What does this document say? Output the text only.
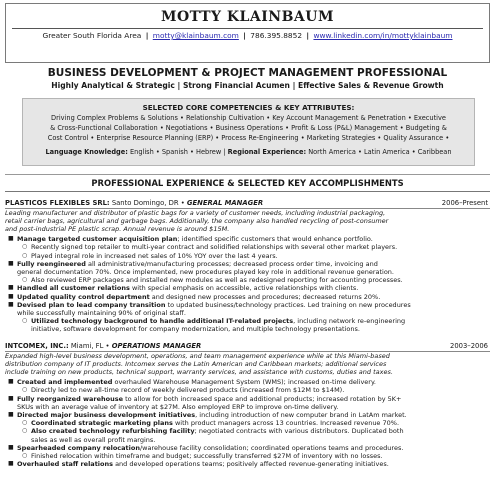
MOTTY KLAINBAUM
Greater South Florida Area | motty@klainbaum.com | 786.395.8852 | www.linkedin.com/in/mottyklainbaum
BUSINESS DEVELOPMENT & PROJECT MANAGEMENT PROFESSIONAL
Highly Analytical & Strategic | Strong Financial Acumen | Effective Sales & Revenue Growth
SELECTED CORE COMPETENCIES & KEY ATTRIBUTES:
Driving Complex Problems & Solutions • Relationship Cultivation • Key Account Management & Penetration • Executive
& Cross-Functional Collaboration • Negotiations • Business Operations • Profit & Loss (P&L) Management • Budgeting &
Cost Control • Enterprise Resource Planning (ERP) • Process Re-Engineering • Marketing Strategies • Quality Assurance •
Language Knowledge: English • Spanish • Hebrew | Regional Experience: North America • Latin America • Caribbean
PROFESSIONAL EXPERIENCE & SELECTED KEY ACCOMPLISHMENTS
PLASTICOS FLEXIBLES SRL: Santo Domingo, DR • GENERAL MANAGER	2006–Present
Leading manufacturer and distributor of plastic bags for a variety of customer needs, including industrial packaging,
retail carrier bags, agricultural and garbage bags. Additionally, the company also handled recycling of post-consumer
and post-industrial PE plastic scrap. Annual revenue is around $15M.
■ Manage targeted customer acquisition plan; identified specific customers that would enhance portfolio.
○ Recently signed top retailer to multi-year contract and solidified relationships with several other market players.
○ Played integral role in increased net sales of 10% YOY over the last 4 years.
■ Fully reengineered all administrative/manufacturing processes; decreased process order time, invoicing and
general documentation 70%. Once implemented, new procedures played key role in additional revenue generation.
○ Also reviewed ERP packages and installed new modules as well as redesigned reporting for accounting processes.
■ Handled all customer relations with special emphasis on accessible, active relationships with clients.
■ Updated quality control department and designed new processes and procedures; decreased returns 20%.
■ Devised plan to lead company transition to updated business/technology practices. Led training on new procedures
while successfully maintaining 90% of original staff.
○ Utilized technology background to handle additional IT-related projects, including network re-engineering
initiative, software development for company modernization, and multiple technology presentations.
INTCOMEX, INC.: Miami, FL • OPERATIONS MANAGER	2003–2006
Expanded high-level business development, operations, and team management experience while at this Miami-based
distribution company of IT products. Intcomex serves the Latin American and Caribbean markets; additional services
include training on new products, technical support, warranty services, and assistance with customs, duties and taxes.
■ Created and implemented overhauled Warehouse Management System (WMS); increased on-time delivery.
○ Directly led to new all-time record of weekly delivered products (increased from $12M to $14M).
■ Fully reorganized warehouse to allow for both increased space and additional products; increased rotation by 5K+
SKUs with an average value of inventory at $27M. Also employed ERP to improve on-time delivery.
■ Directed major business development initiatives, including introduction of new computer brand in LatAm market.
○ Coordinated strategic marketing plans with product managers across 13 countries. Increased revenue 70%.
○ Also created technology refurbishing facility; negotiated contracts with various distributors. Duplicated both
sales as well as overall profit margins.
■ Spearheaded company relocation/warehouse facility consolidation; coordinated operations teams and procedures.
○ Finished relocation within timeframe and budget; successfully transferred $27M of inventory with no losses.
■ Overhauled staff relations and developed operations teams; positively affected revenue-generating initiatives.
